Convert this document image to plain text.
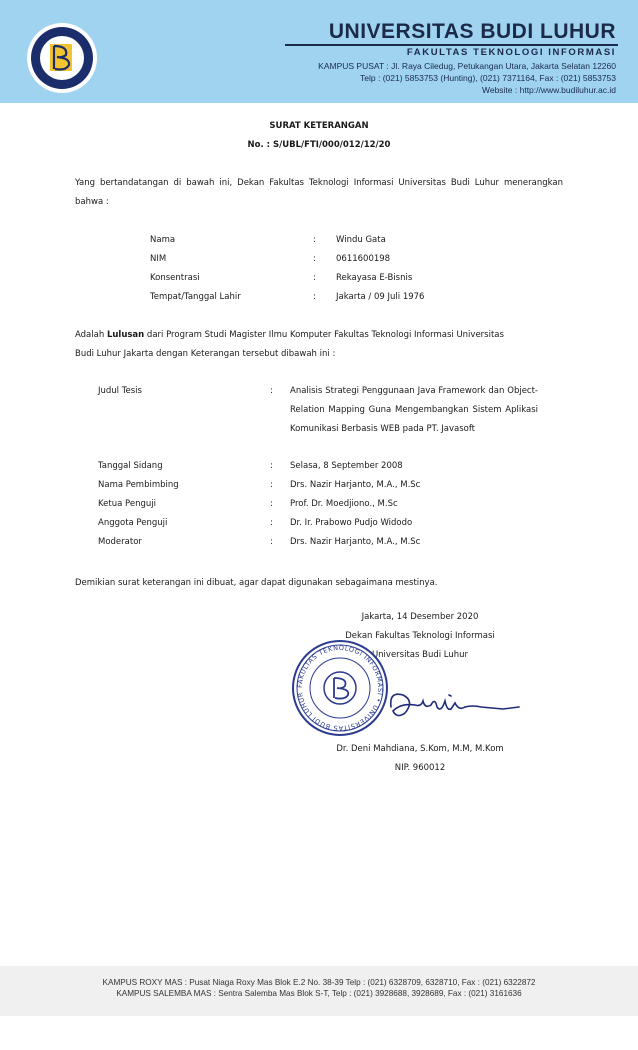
UNIVERSITAS BUDI LUHUR
FAKULTAS TEKNOLOGI INFORMASI
KAMPUS PUSAT : Jl. Raya Ciledug, Petukangan Utara, Jakarta Selatan 12260
Telp : (021) 5853753 (Hunting), (021) 7371164, Fax : (021) 5853753
Website : http://www.budiluhur.ac.id
SURAT KETERANGAN
No. : S/UBL/FTI/000/012/12/20
Yang bertandatangan di bawah ini, Dekan Fakultas Teknologi Informasi Universitas Budi Luhur menerangkan bahwa :
Nama	: Windu Gata
NIM	: 0611600198
Konsentrasi	: Rekayasa E-Bisnis
Tempat/Tanggal Lahir	: Jakarta / 09 Juli 1976
Adalah Lulusan dari Program Studi Magister Ilmu Komputer Fakultas Teknologi Informasi Universitas
Budi Luhur Jakarta dengan Keterangan tersebut dibawah ini :
Judul Tesis	: Analisis Strategi Penggunaan Java Framework dan Object-Relation Mapping Guna Mengembangkan Sistem Aplikasi Komunikasi Berbasis WEB pada PT. Javasoft
Tanggal Sidang	: Selasa, 8 September 2008
Nama Pembimbing	: Drs. Nazir Harjanto, M.A., M.Sc
Ketua Penguji	: Prof. Dr. Moedjiono., M.Sc
Anggota Penguji	: Dr. Ir. Prabowo Pudjo Widodo
Moderator	: Drs. Nazir Harjanto, M.A., M.Sc
Demikian surat keterangan ini dibuat, agar dapat digunakan sebagaimana mestinya.
Jakarta, 14 Desember 2020
Dekan Fakultas Teknologi Informasi
Universitas Budi Luhur
FAKULTAS TEKNOLOGI INFORMASI • UNIVERSITAS BUDI LUHUR
Dr. Deni Mahdiana, S.Kom, M.M, M.Kom
NIP. 960012
KAMPUS ROXY MAS : Pusat Niaga Roxy Mas Blok E.2 No. 38-39 Telp : (021) 6328709, 6328710, Fax : (021) 6322872
KAMPUS SALEMBA MAS : Sentra Salemba Mas Blok S-T, Telp : (021) 3928688, 3928689, Fax : (021) 3161636
